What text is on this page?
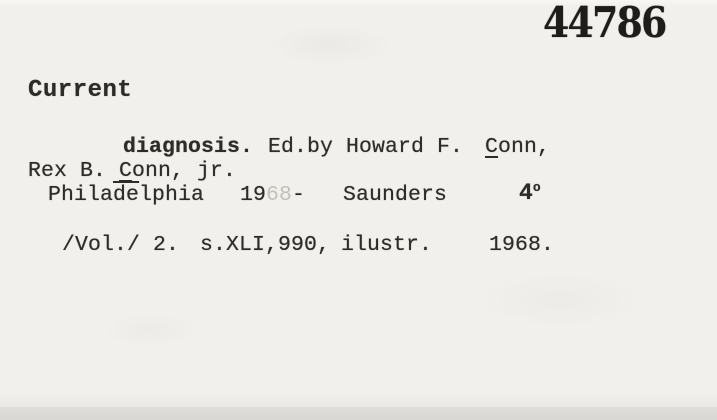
44786
Current

diagnosis.

Ed.by Howard F.

Conn,

Rex B. Conn, jr.

$Phila\overline{de}lphia$

1968-

Saunders

	4$^o$

/Vol./ 2.

s.XLI,990,

ilustr.

	1968.
